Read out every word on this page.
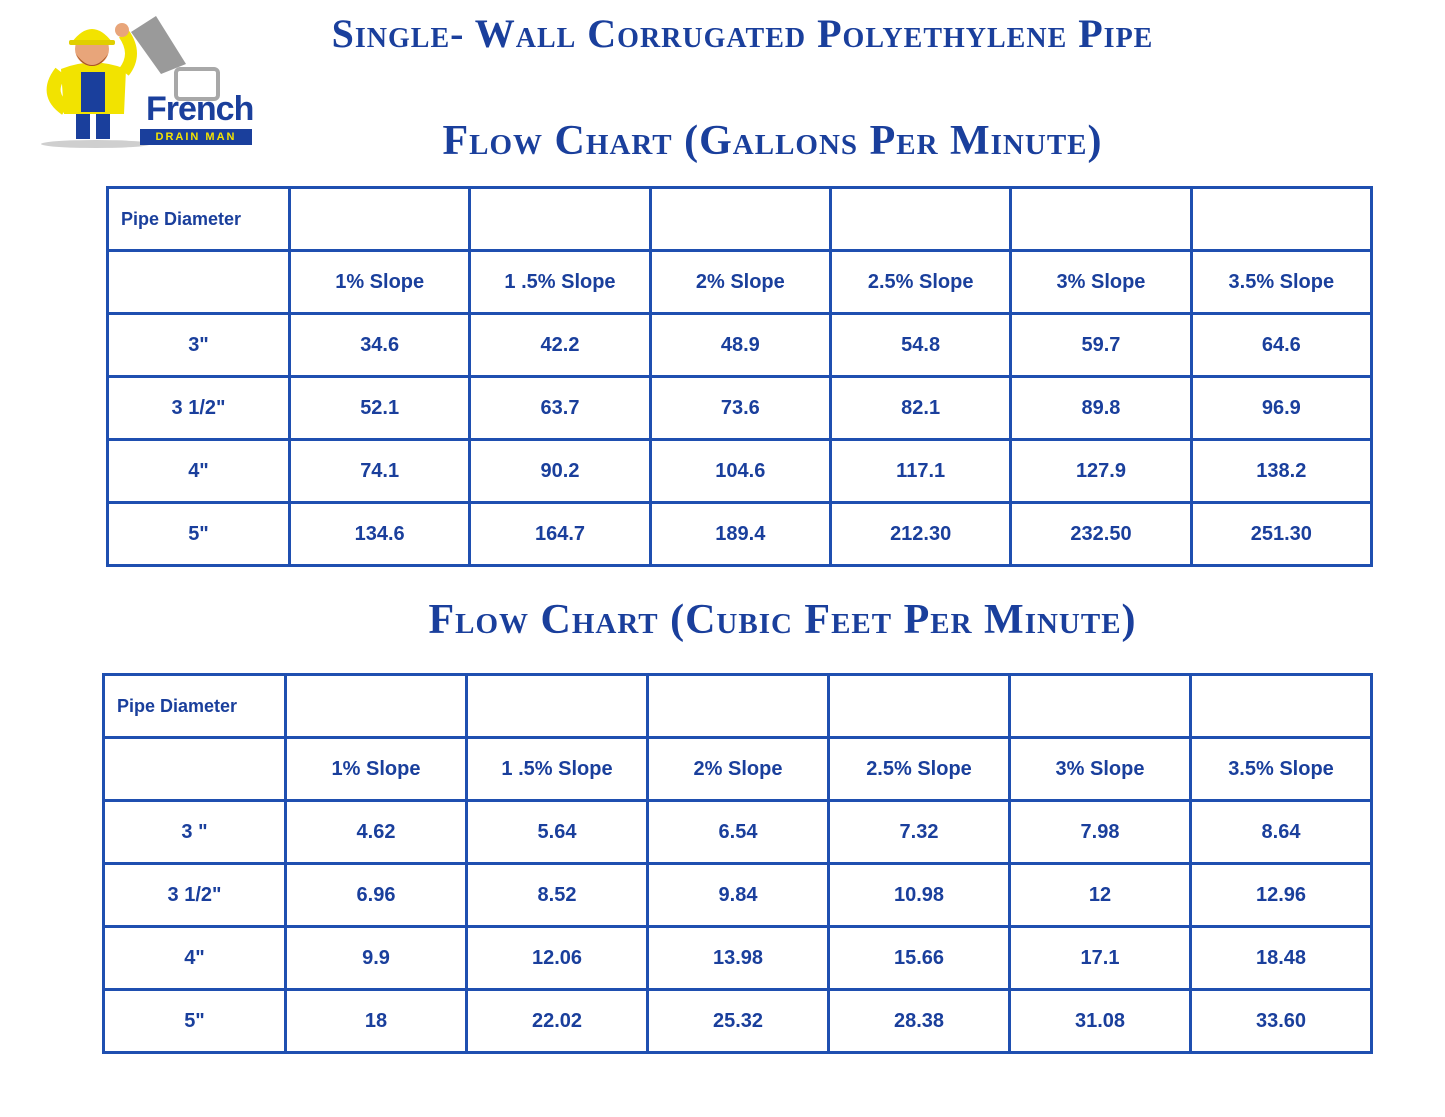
French
DRAIN MAN
Single- Wall Corrugated Polyethylene Pipe
Flow Chart (Gallons Per Minute)
Pipe Diameter						
	1% Slope	1 .5% Slope	2% Slope	2.5% Slope	3% Slope	3.5% Slope
3"	34.6	42.2	48.9	54.8	59.7	64.6
3 1/2"	52.1	63.7	73.6	82.1	89.8	96.9
4"	74.1	90.2	104.6	117.1	127.9	138.2
5"	134.6	164.7	189.4	212.30	232.50	251.30
Flow Chart (Cubic Feet Per Minute)
Pipe Diameter						
	1% Slope	1 .5% Slope	2% Slope	2.5% Slope	3% Slope	3.5% Slope
3 "	4.62	5.64	6.54	7.32	7.98	8.64
3 1/2"	6.96	8.52	9.84	10.98	12	12.96
4"	9.9	12.06	13.98	15.66	17.1	18.48
5"	18	22.02	25.32	28.38	31.08	33.60
